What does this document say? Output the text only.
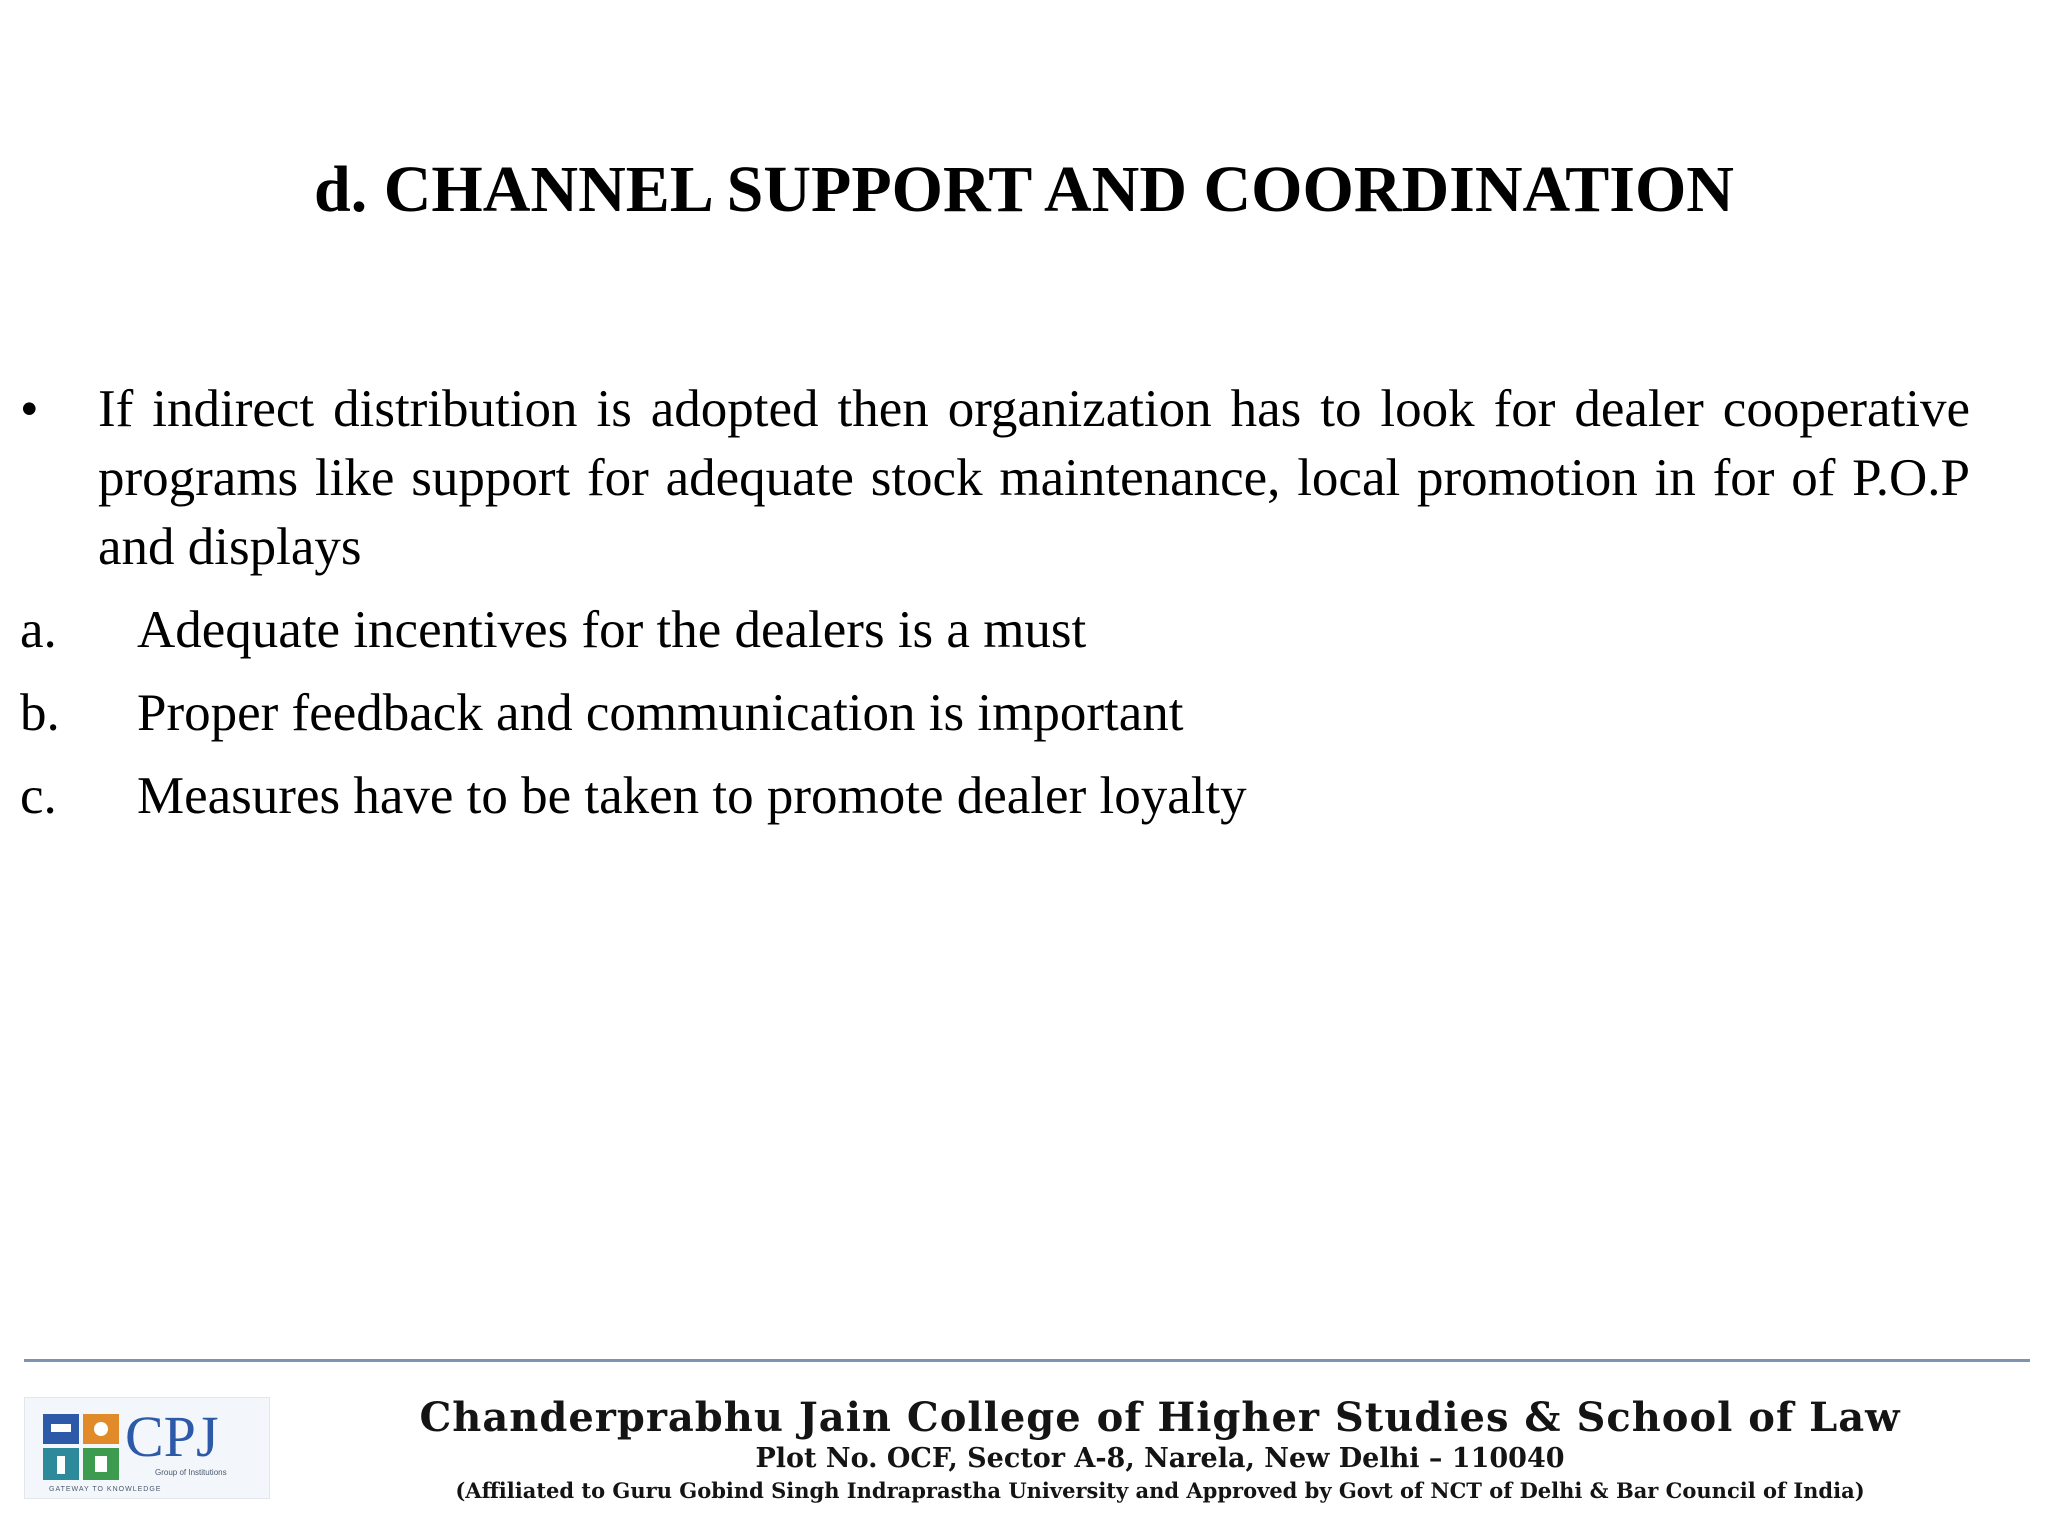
d. CHANNEL SUPPORT AND COORDINATION
• If indirect distribution is adopted then organization has to look for dealer cooperative programs like support for adequate stock maintenance, local promotion in for of P.O.P and displays
a. Adequate incentives for the dealers is a must
b. Proper feedback and communication is important
c. Measures have to be taken to promote dealer loyalty
CPJ
Group of Institutions
GATEWAY TO KNOWLEDGE
Chanderprabhu Jain College of Higher Studies & School of Law
Plot No. OCF, Sector A-8, Narela, New Delhi – 110040
(Affiliated to Guru Gobind Singh Indraprastha University and Approved by Govt of NCT of Delhi & Bar Council of India)
